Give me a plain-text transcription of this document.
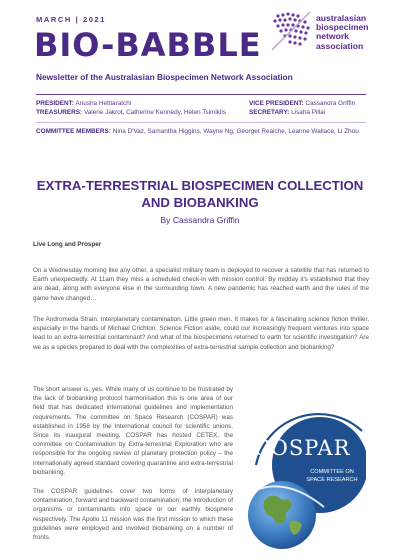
MARCH | 2021
BIO-BABBLE
Newsletter of the Australasian Biospecimen Network Association
australasian
biospecimen
network
association
PRESIDENT: Anusha Hettiaratchi	VICE PRESIDENT: Cassandra Griffin
TREASURERS: Valerie Jakrot, Catherine Kennedy, Helen Tsimiklis	SECRETARY: Lisaha Pillai
COMMITTEE MEMBERS: Nina D'Vaz, Samantha Higgins, Wayne Ng, Georget Reaiche, Leanne Wallace, Li Zhou
EXTRA-TERRESTRIAL BIOSPECIMEN COLLECTION AND BIOBANKING
By Cassandra Griffin

Live Long and Prosper

On a Wednesday morning like any other, a specialist military team is deployed to recover a satellite that has returned to Earth unexpectedly. At 11am they miss a scheduled check-in with mission control. By midday it's established that they are dead, along with everyone else in the surrounding town. A new pandemic has reached earth and the rules of the game have changed…

The Andromeda Strain. Interplanetary contamination. Little green men. It makes for a fascinating science fiction thriller, especially in the hands of Michael Crichton. Science Fiction aside, could our increasingly frequent ventures into space lead to an extra-terrestrial contaminant? And what of the biospecimens returned to earth for scientific investigation? Are we as a species prepared to deal with the complexities of extra-terrestrial sample collection and biobanking?

The short answer is, yes. While many of us continue to be frustrated by the lack of biobanking protocol harmonisation this is one area of our field that has dedicated international guidelines and implementation requirements. The committee on Space Research (COSPAR) was established in 1958 by the International council for scientific unions. Since its inaugural meeting, COSPAR has hosted CETEX, the committee on Contamination by Extra-terrestrial Exploration who are responsible for the ongoing review of planetary protection policy – the internationally agreed standard covering quarantine and extra-terrestrial biobanking.

The COSPAR guidelines cover two forms of interplanetary contamination, forward and backward contamination; the introduction of organisms or contaminants into space or our earthly biosphere respectively. The Apollo 11 mission was the first mission to which these guidelines were employed and involved biobanking on a number of fronts.

COSPAR
COMMITTEE ON
SPACE RESEARCH
